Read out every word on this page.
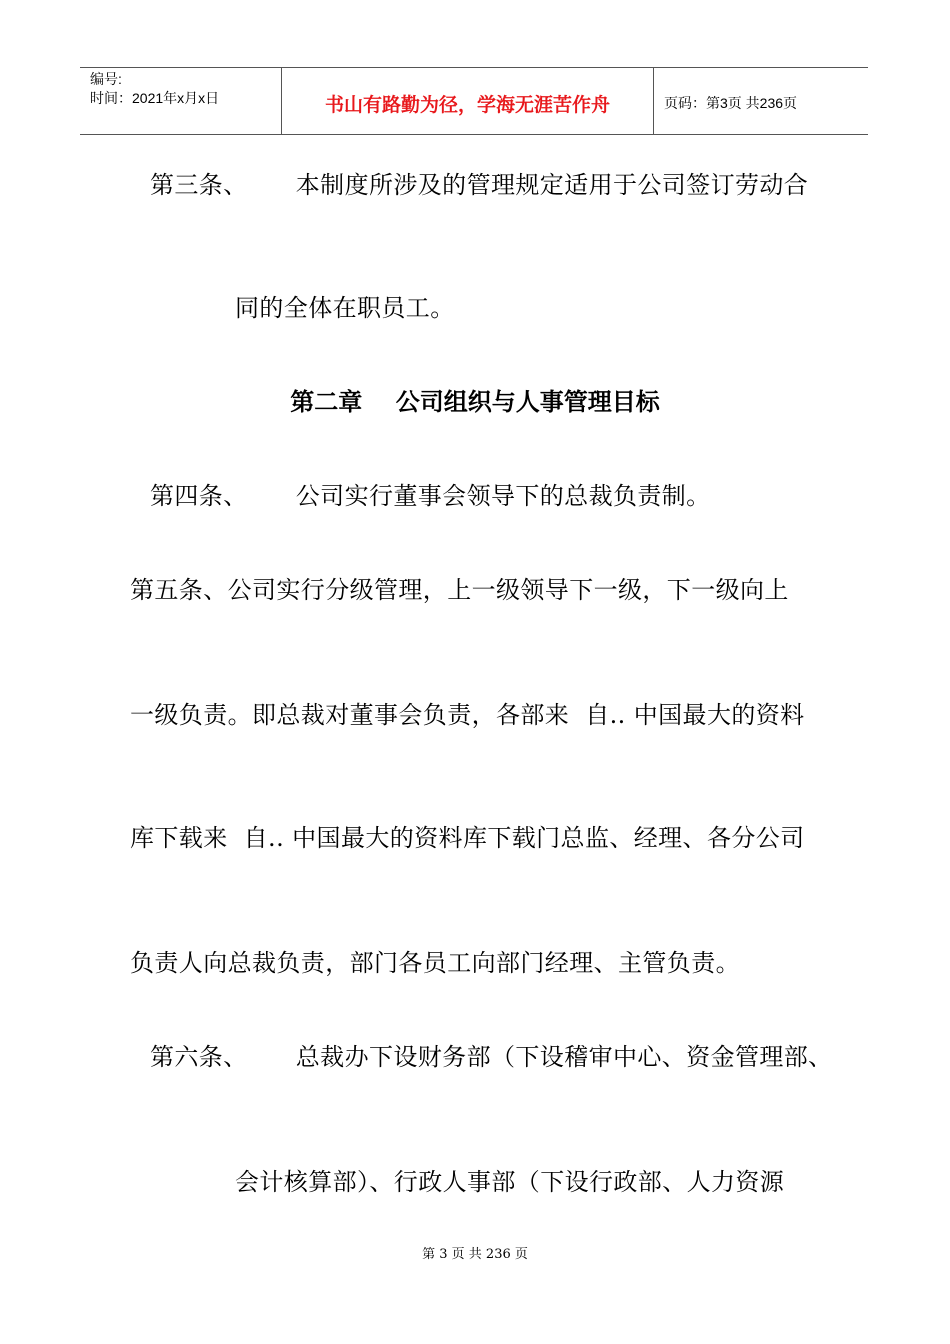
编号:
时间：2021年x月x日	书山有路勤为径，学海无涯苦作舟	页码：第3页 共236页
第三条、      本制度所涉及的管理规定适用于公司签订劳动合
同的全体在职员工。
第二章    公司组织与人事管理目标
第四条、      公司实行董事会领导下的总裁负责制。
第五条、公司实行分级管理，上一级领导下一级，下一级向上
一级负责。即总裁对董事会负责，各部来  自.. 中国最大的资料
库下载来  自.. 中国最大的资料库下载门总监、经理、各分公司
负责人向总裁负责，部门各员工向部门经理、主管负责。
第六条、      总裁办下设财务部（下设稽审中心、资金管理部、
会计核算部）、行政人事部（下设行政部、人力资源
第 3 页 共 236 页
